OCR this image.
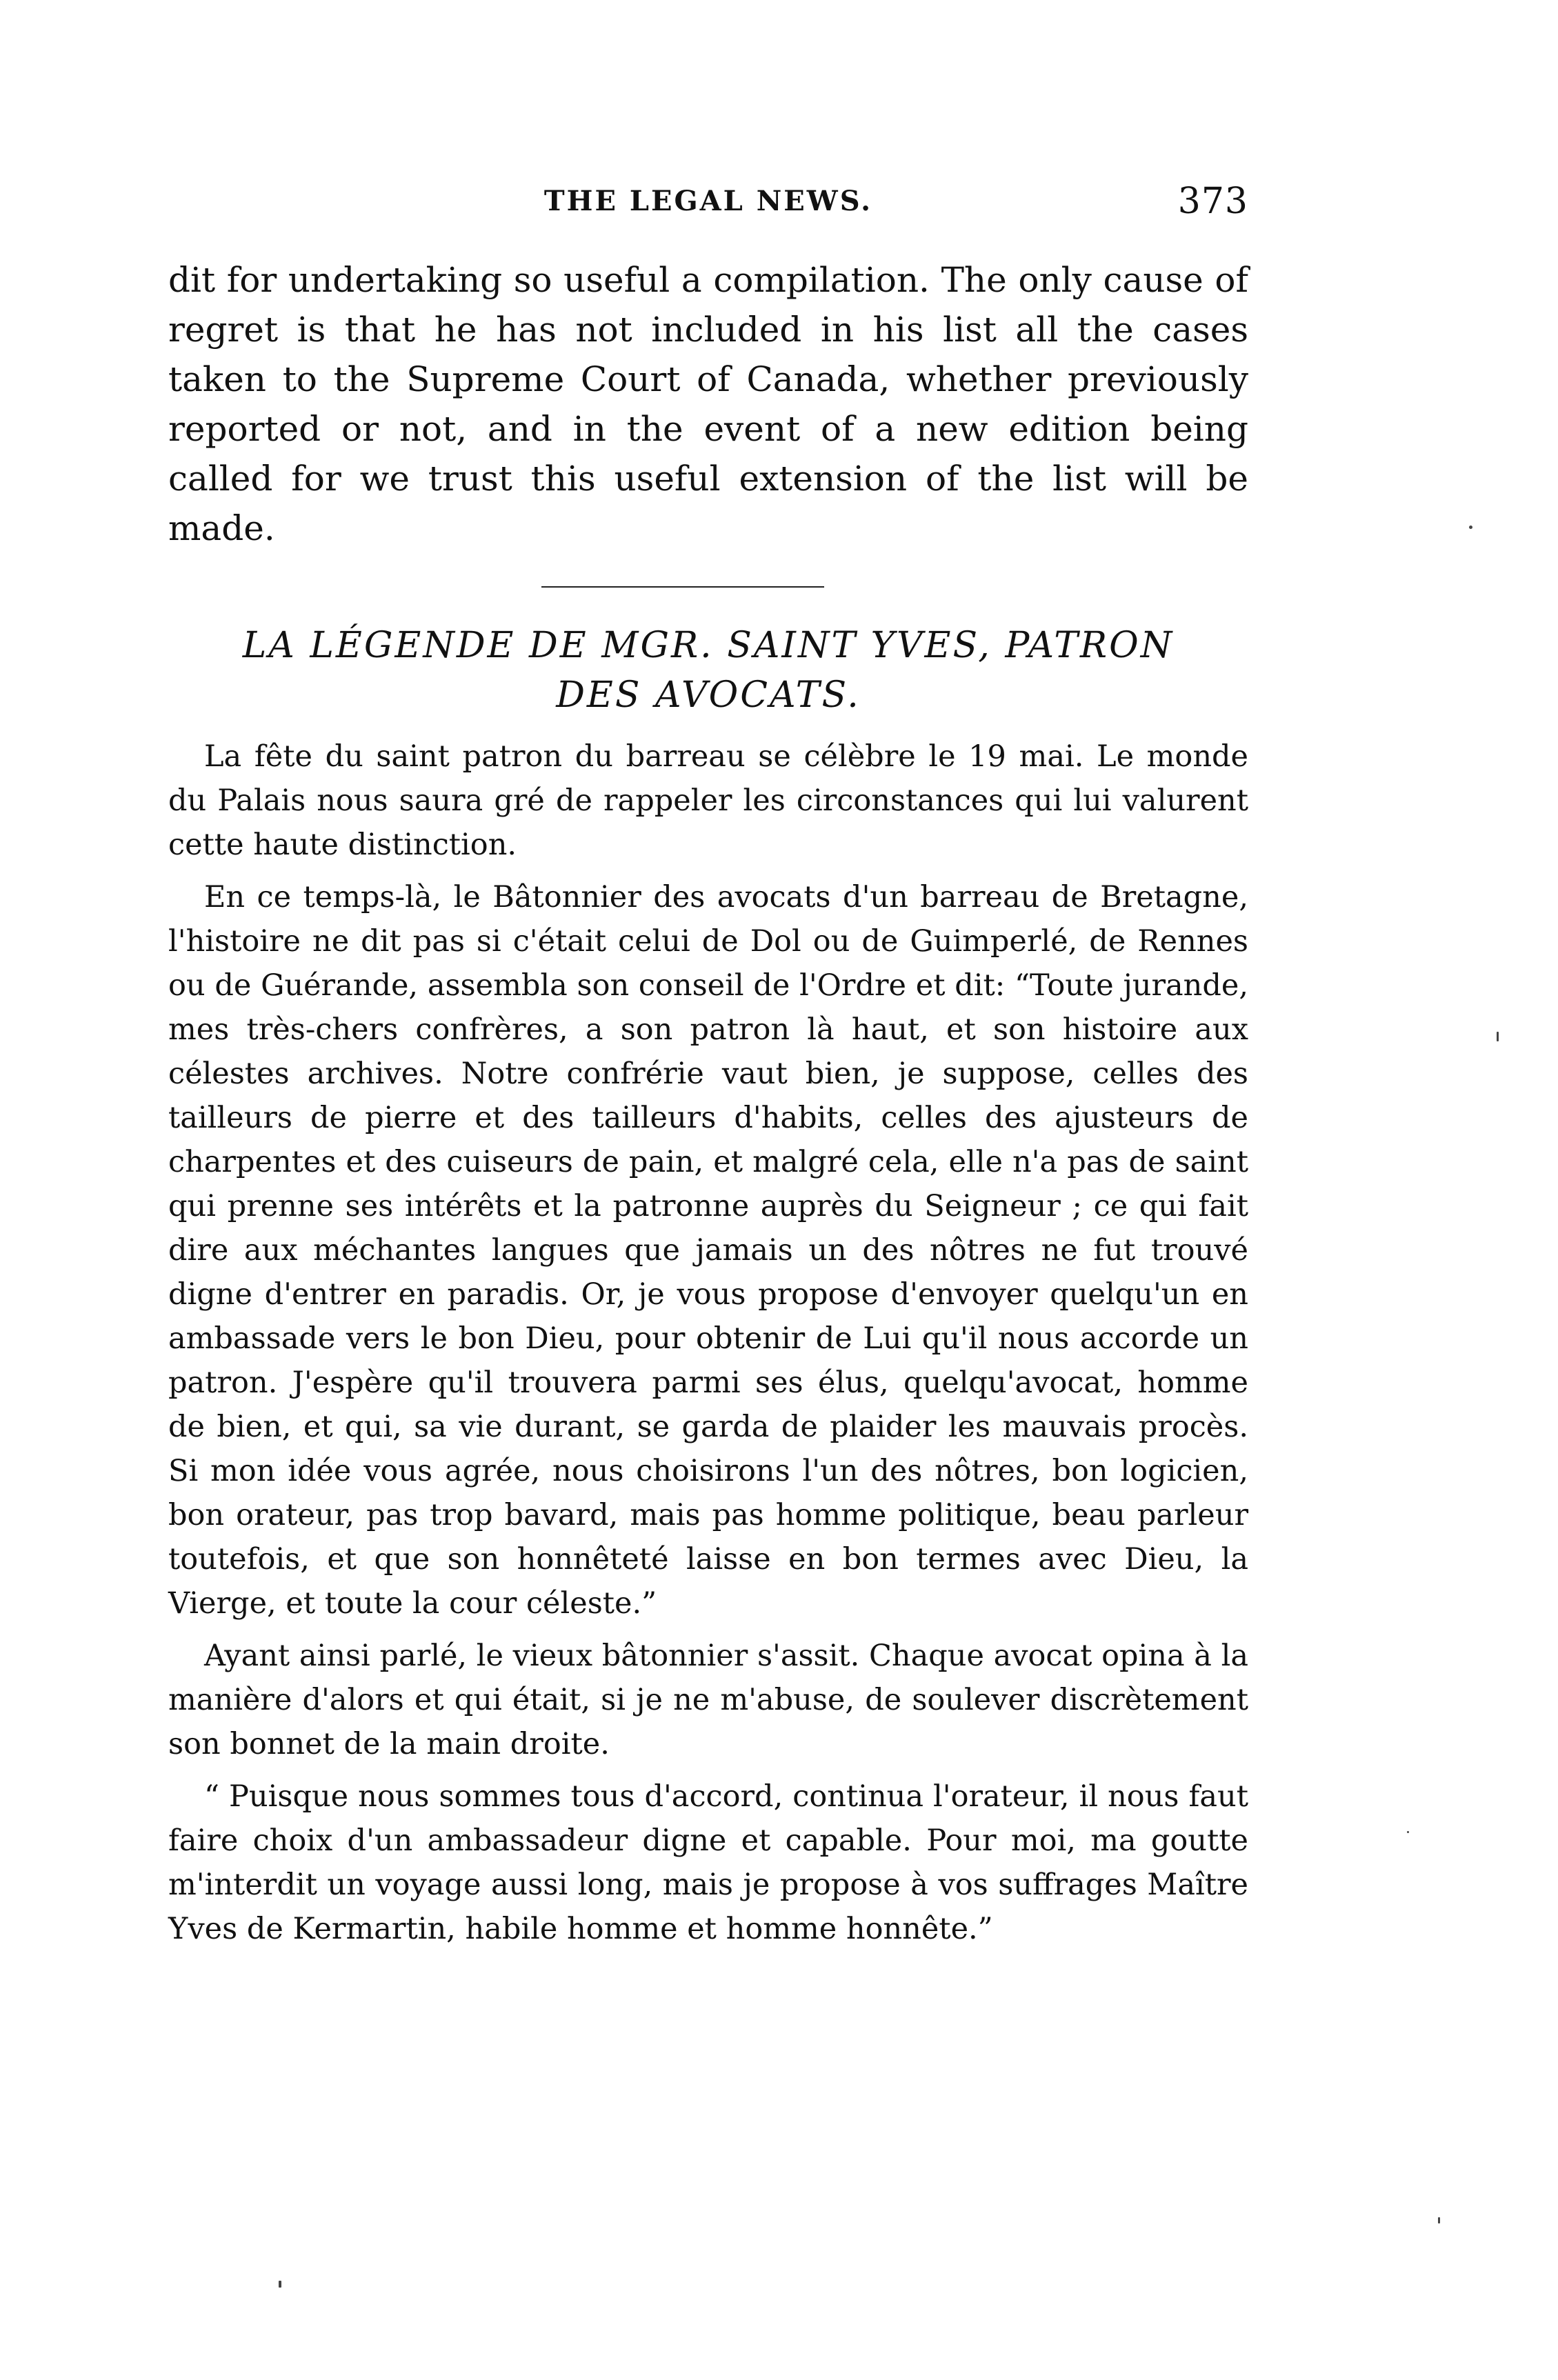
THE LEGAL NEWS.	373

dit for undertaking so useful a compilation. The only cause of regret is that he has not included in his list all the cases taken to the Supreme Court of Canada, whether previously reported or not, and in the event of a new edition being called for we trust this useful extension of the list will be made.

LA LÉGENDE DE MGR. SAINT YVES, PATRON
DES AVOCATS.

La fête du saint patron du barreau se célèbre le 19 mai. Le monde du Palais nous saura gré de rappeler les circonstances qui lui valurent cette haute distinction.

En ce temps-là, le Bâtonnier des avocats d'un barreau de Bretagne, l'histoire ne dit pas si c'était celui de Dol ou de Guimperlé, de Rennes ou de Guérande, assembla son conseil de l'Ordre et dit: “Toute jurande, mes très-chers confrères, a son patron là haut, et son histoire aux célestes archives. Notre confrérie vaut bien, je suppose, celles des tailleurs de pierre et des tailleurs d'habits, celles des ajusteurs de charpentes et des cuiseurs de pain, et malgré cela, elle n'a pas de saint qui prenne ses intérêts et la patronne auprès du Seigneur ; ce qui fait dire aux méchantes langues que jamais un des nôtres ne fut trouvé digne d'entrer en paradis. Or, je vous propose d'envoyer quelqu'un en ambassade vers le bon Dieu, pour obtenir de Lui qu'il nous accorde un patron. J'espère qu'il trouvera parmi ses élus, quelqu'avocat, homme de bien, et qui, sa vie durant, se garda de plaider les mauvais procès. Si mon idée vous agrée, nous choisirons l'un des nôtres, bon logicien, bon orateur, pas trop bavard, mais pas homme politique, beau parleur toutefois, et que son honnêteté laisse en bon termes avec Dieu, la Vierge, et toute la cour céleste.”

Ayant ainsi parlé, le vieux bâtonnier s'assit. Chaque avocat opina à la manière d'alors et qui était, si je ne m'abuse, de soulever discrètement son bonnet de la main droite.

“ Puisque nous sommes tous d'accord, continua l'orateur, il nous faut faire choix d'un ambassadeur digne et capable. Pour moi, ma goutte m'interdit un voyage aussi long, mais je propose à vos suffrages Maître Yves de Kermartin, habile homme et homme honnête.”
